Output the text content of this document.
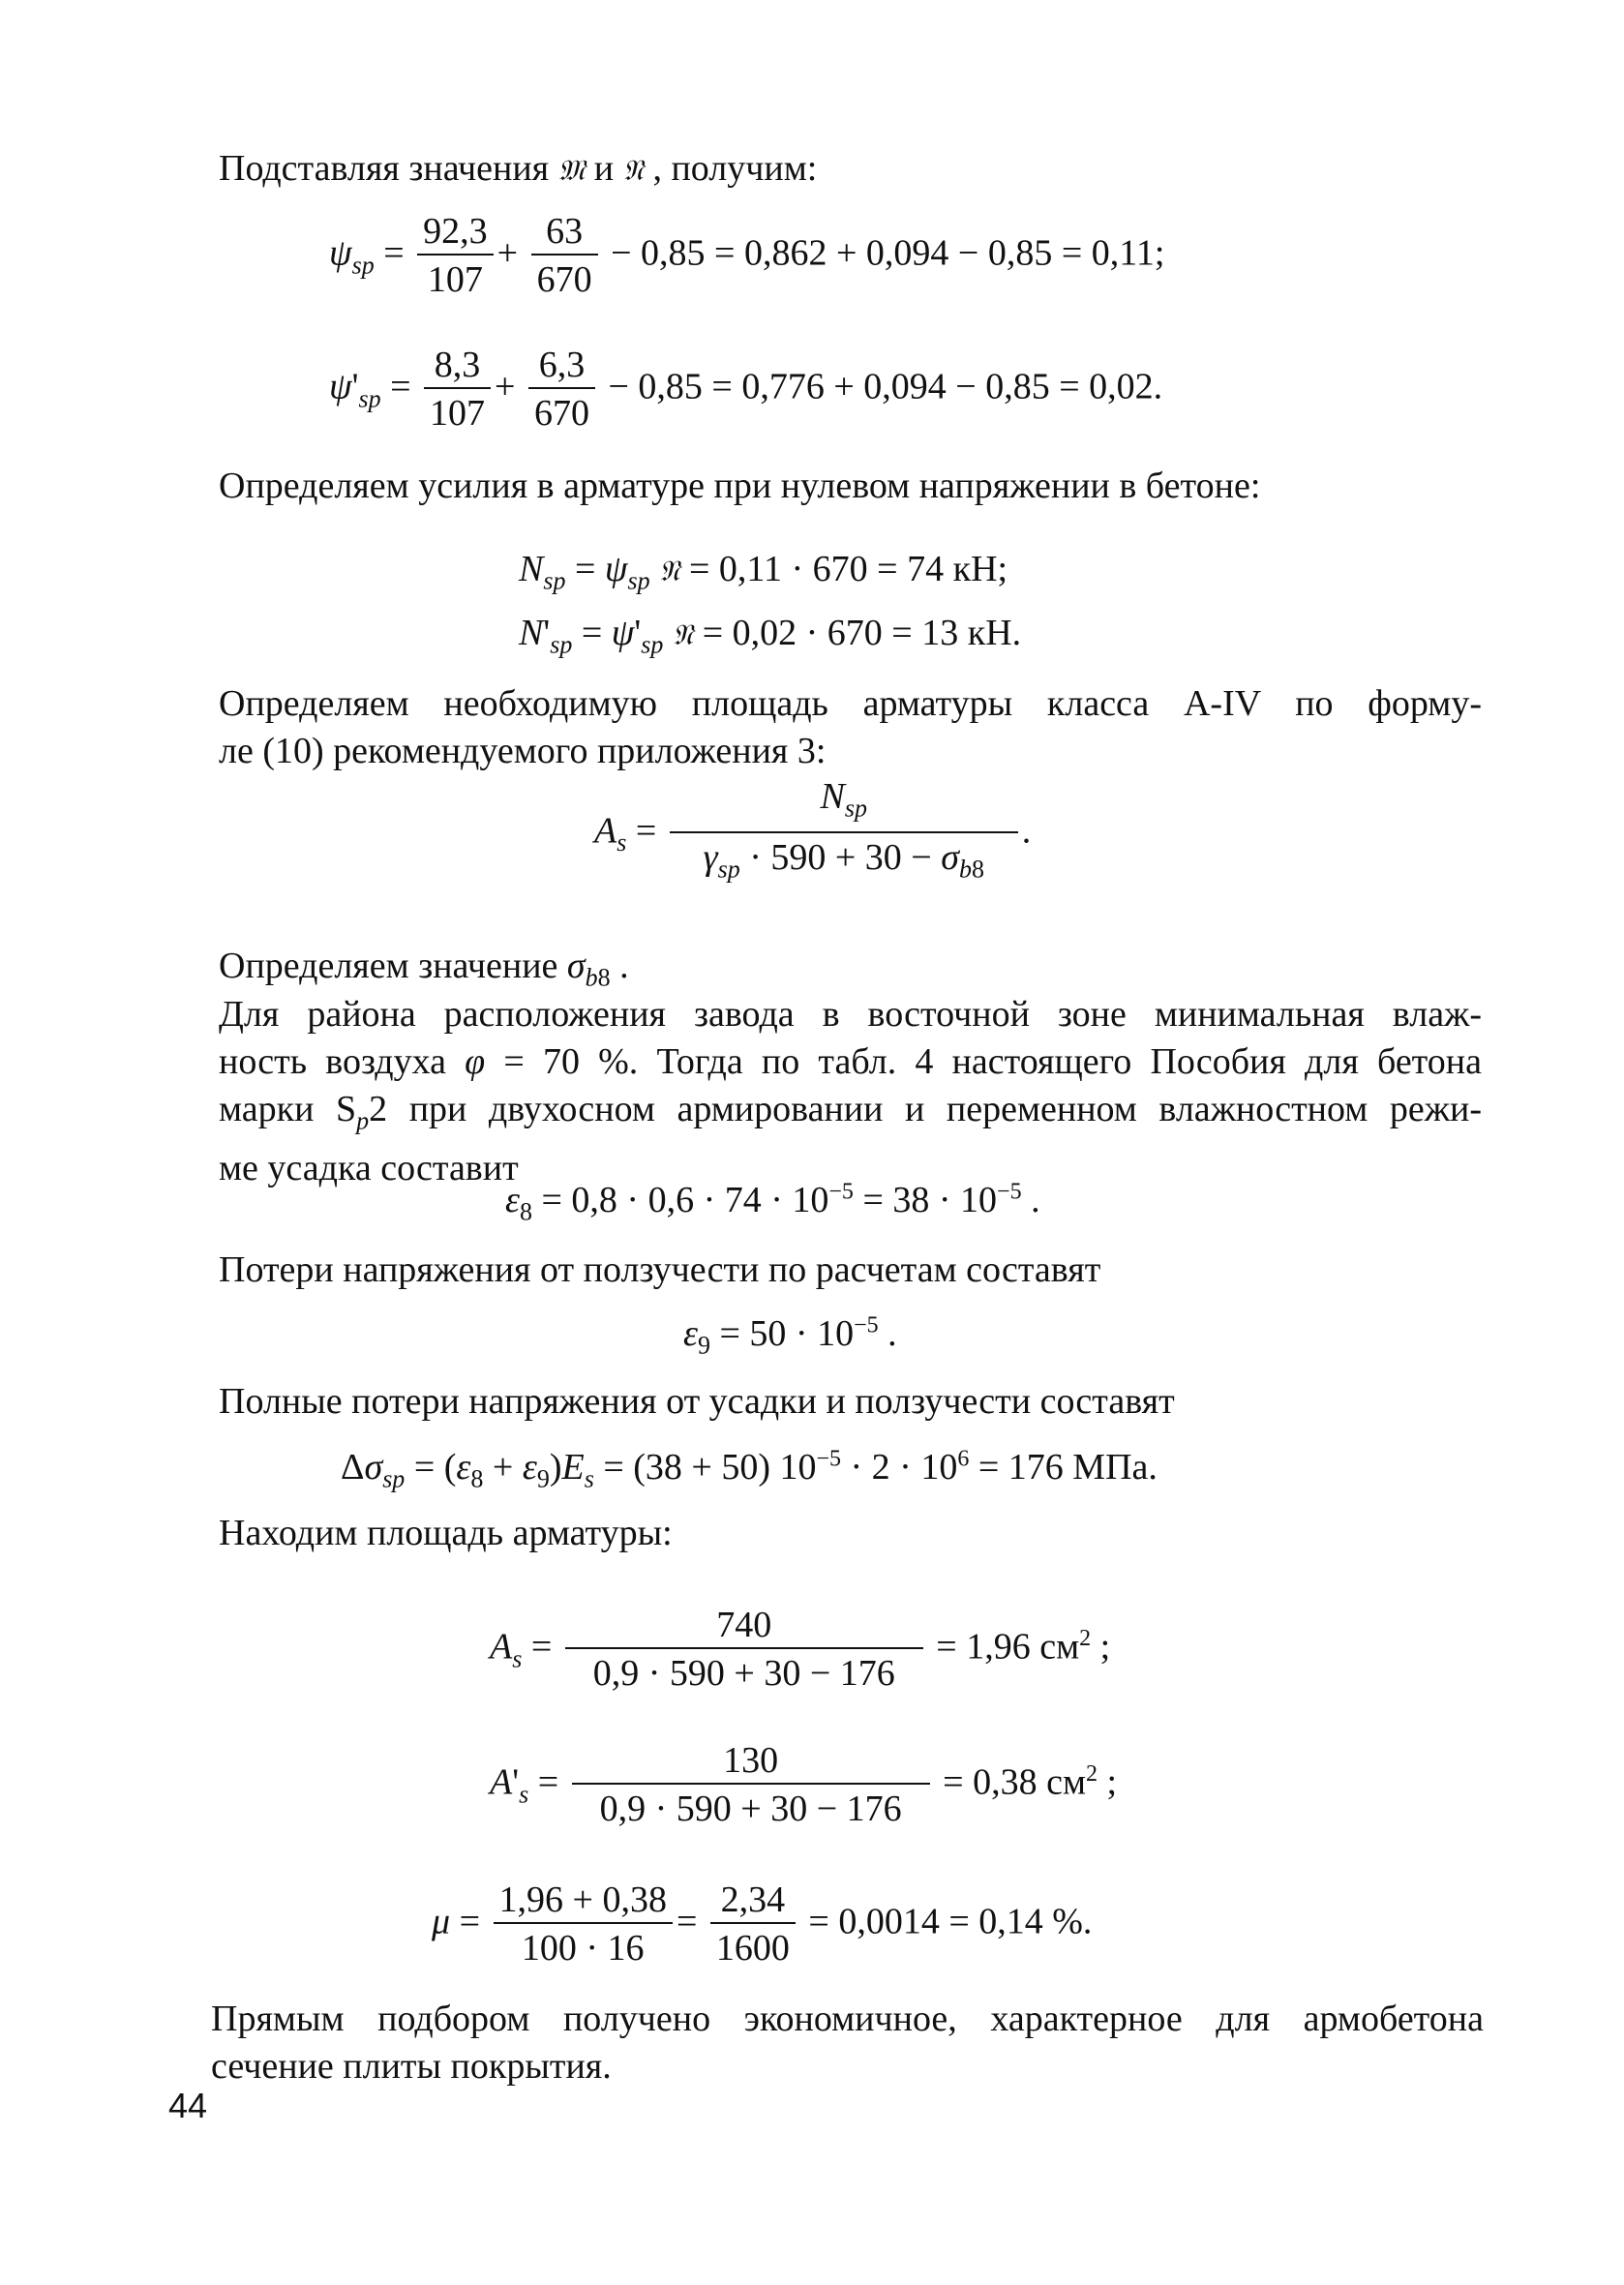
Подставляя значения 𝔐 и 𝔑 , получим:
$\psi_{sp} = \frac{92,3}{107} + \frac{63}{670} - 0,85 = 0,862 + 0,094 - 0,85 = 0,11$;
$\psi'_{sp} = \frac{8,3}{107} + \frac{6,3}{670} - 0,85 = 0,776 + 0,094 - 0,85 = 0,02$.
Определяем усилия в арматуре при нулевом напряжении в бетоне:
$N_{sp} = \psi_{sp}$ 𝔑 = 0,11 · 670 = 74 кН;
$N'_{sp} = \psi'_{sp}$ 𝔑 = 0,02 · 670 = 13 кН.
Определяем необходимую площадь арматуры класса A-IV по форму-
ле (10) рекомендуемого приложения 3:
$A_s = \frac{N_{sp}}{\gamma_{sp} \cdot 590 + 30 - \sigma_{b8}}$ .
Определяем значение $\sigma_{b8}$ .
Для района расположения завода в восточной зоне минимальная влаж-
ность воздуха φ = 70 %. Тогда по табл. 4 настоящего Пособия для бетона
марки $S_p2$ при двухосном армировании и переменном влажностном режи-
ме усадка составит
$\varepsilon_8 = 0,8 \cdot 0,6 \cdot 74 \cdot 10^{-5} = 38 \cdot 10^{-5}$ .
Потери напряжения от ползучести по расчетам составят
$\varepsilon_9 = 50 \cdot 10^{-5}$ .
Полные потери напряжения от усадки и ползучести составят
$\Delta\sigma_{sp} = (\varepsilon_8 + \varepsilon_9)E_s = (38 + 50) 10^{-5} \cdot 2 \cdot 10^6 = 176$ МПа.
Находим площадь арматуры:
$A_s = \frac{740}{0,9 \cdot 590 + 30 - 176} = 1,96$ $см^2$ ;
$A'_s = \frac{130}{0,9 \cdot 590 + 30 - 176} = 0,38$ $см^2$ ;
$\mu = \frac{1,96 + 0,38}{100 \cdot 16} = \frac{2,34}{1600} = 0,0014 = 0,14$ %.
Прямым подбором получено экономичное, характерное для армобетона
сечение плиты покрытия.
44
